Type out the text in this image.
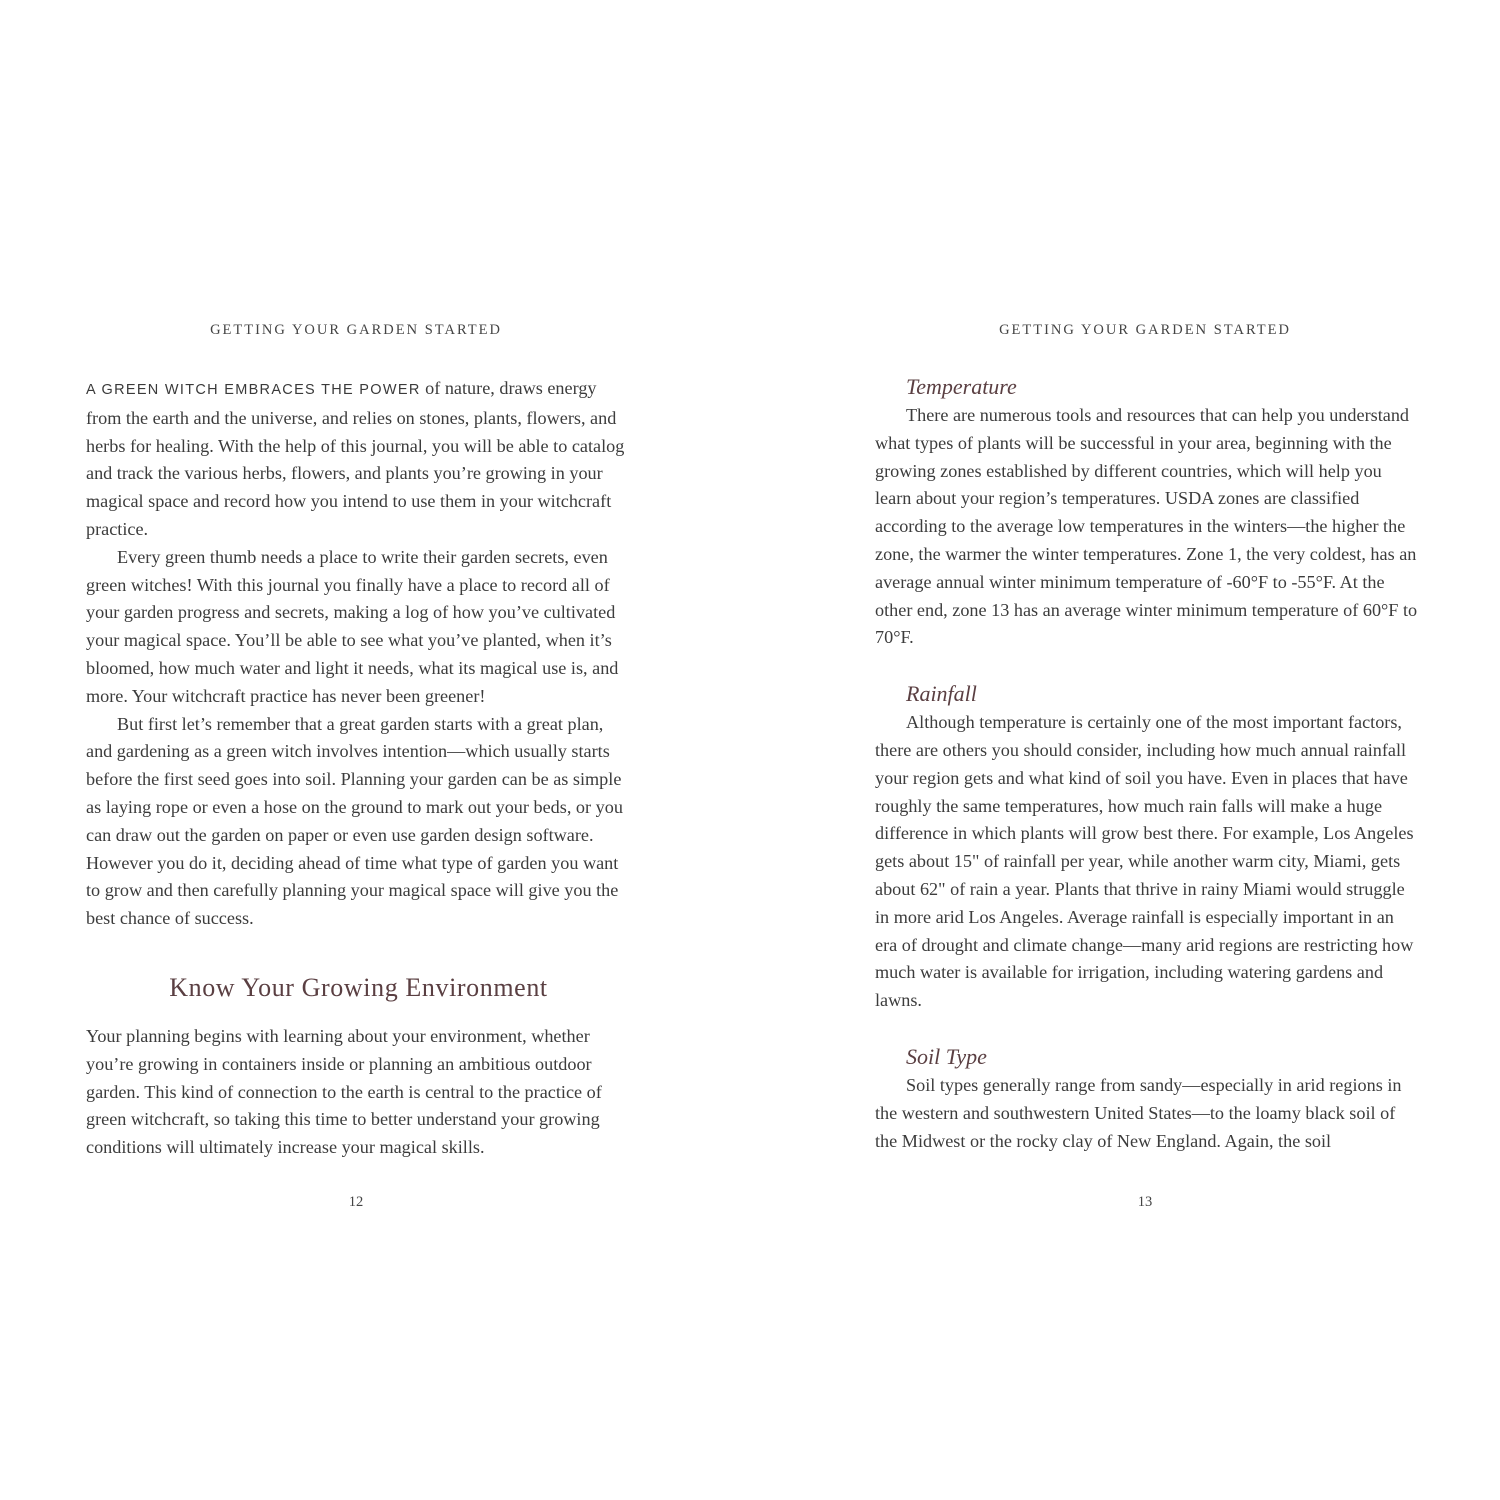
GETTING YOUR GARDEN STARTED

A GREEN WITCH EMBRACES THE POWER of nature, draws energy from the earth and the universe, and relies on stones, plants, flowers, and herbs for healing. With the help of this journal, you will be able to catalog and track the various herbs, flowers, and plants you’re growing in your magical space and record how you intend to use them in your witchcraft practice.

Every green thumb needs a place to write their garden secrets, even green witches! With this journal you finally have a place to record all of your garden progress and secrets, making a log of how you’ve cultivated your magical space. You’ll be able to see what you’ve planted, when it’s bloomed, how much water and light it needs, what its magical use is, and more. Your witchcraft practice has never been greener!

But first let’s remember that a great garden starts with a great plan, and gardening as a green witch involves intention—which usually starts before the first seed goes into soil. Planning your garden can be as simple as laying rope or even a hose on the ground to mark out your beds, or you can draw out the garden on paper or even use garden design software. However you do it, deciding ahead of time what type of garden you want to grow and then carefully planning your magical space will give you the best chance of success.

Know Your Growing Environment

Your planning begins with learning about your environment, whether you’re growing in containers inside or planning an ambitious outdoor garden. This kind of connection to the earth is central to the practice of green witchcraft, so taking this time to better understand your growing conditions will ultimately increase your magical skills.

12
GETTING YOUR GARDEN STARTED
Temperature

There are numerous tools and resources that can help you understand what types of plants will be successful in your area, beginning with the growing zones established by different countries, which will help you learn about your region’s temperatures. USDA zones are classified according to the average low temperatures in the winters—the higher the zone, the warmer the winter temperatures. Zone 1, the very coldest, has an average annual winter minimum temperature of -60°F to -55°F. At the other end, zone 13 has an average winter minimum temperature of 60°F to 70°F.

Rainfall

Although temperature is certainly one of the most important factors, there are others you should consider, including how much annual rainfall your region gets and what kind of soil you have. Even in places that have roughly the same temperatures, how much rain falls will make a huge difference in which plants will grow best there. For example, Los Angeles gets about 15" of rainfall per year, while another warm city, Miami, gets about 62" of rain a year. Plants that thrive in rainy Miami would struggle in more arid Los Angeles. Average rainfall is especially important in an era of drought and climate change—many arid regions are restricting how much water is available for irrigation, including watering gardens and lawns.

Soil Type

Soil types generally range from sandy—especially in arid regions in the western and southwestern United States—to the loamy black soil of the Midwest or the rocky clay of New England. Again, the soil

13
